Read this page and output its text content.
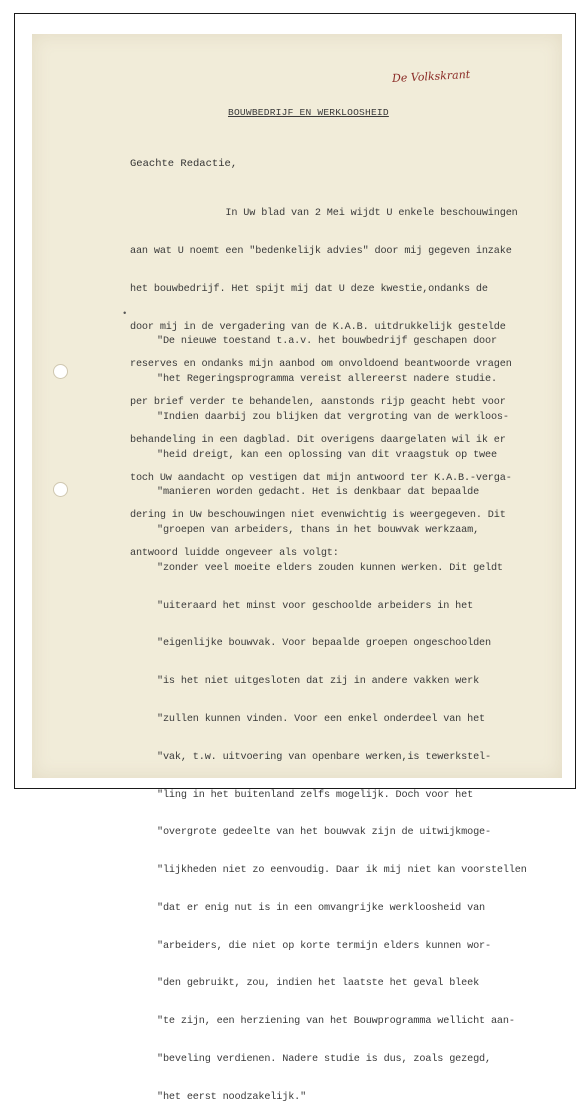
De Volkskrant
BOUWBEDRIJF EN WERKLOOSHEID
Geachte Redactie,

In Uw blad van 2 Mei wijdt U enkele beschouwingen

aan wat U noemt een "bedenkelijk advies" door mij gegeven inzake

het bouwbedrijf. Het spijt mij dat U deze kwestie,ondanks de

door mij in de vergadering van de K.A.B. uitdrukkelijk gestelde

reserves en ondanks mijn aanbod om onvoldoend beantwoorde vragen

per brief verder te behandelen, aanstonds rijp geacht hebt voor

behandeling in een dagblad. Dit overigens daargelaten wil ik er

toch Uw aandacht op vestigen dat mijn antwoord ter K.A.B.-verga-

dering in Uw beschouwingen niet evenwichtig is weergegeven. Dit

antwoord luidde ongeveer als volgt:

•

"De nieuwe toestand t.a.v. het bouwbedrijf geschapen door

"het Regeringsprogramma vereist allereerst nadere studie.

"Indien daarbij zou blijken dat vergroting van de werkloos-

"heid dreigt, kan een oplossing van dit vraagstuk op twee

"manieren worden gedacht. Het is denkbaar dat bepaalde

"groepen van arbeiders, thans in het bouwvak werkzaam,

"zonder veel moeite elders zouden kunnen werken. Dit geldt

"uiteraard het minst voor geschoolde arbeiders in het

"eigenlijke bouwvak. Voor bepaalde groepen ongeschoolden

"is het niet uitgesloten dat zij in andere vakken werk

"zullen kunnen vinden. Voor een enkel onderdeel van het

"vak, t.w. uitvoering van openbare werken,is tewerkstel-

"ling in het buitenland zelfs mogelijk. Doch voor het

"overgrote gedeelte van het bouwvak zijn de uitwijkmoge-

"lijkheden niet zo eenvoudig. Daar ik mij niet kan voorstellen

"dat er enig nut is in een omvangrijke werkloosheid van

"arbeiders, die niet op korte termijn elders kunnen wor-

"den gebruikt, zou, indien het laatste het geval bleek

"te zijn, een herziening van het Bouwprogramma wellicht aan-

"beveling verdienen. Nadere studie is dus, zoals gezegd,

"het eerst noodzakelijk."
